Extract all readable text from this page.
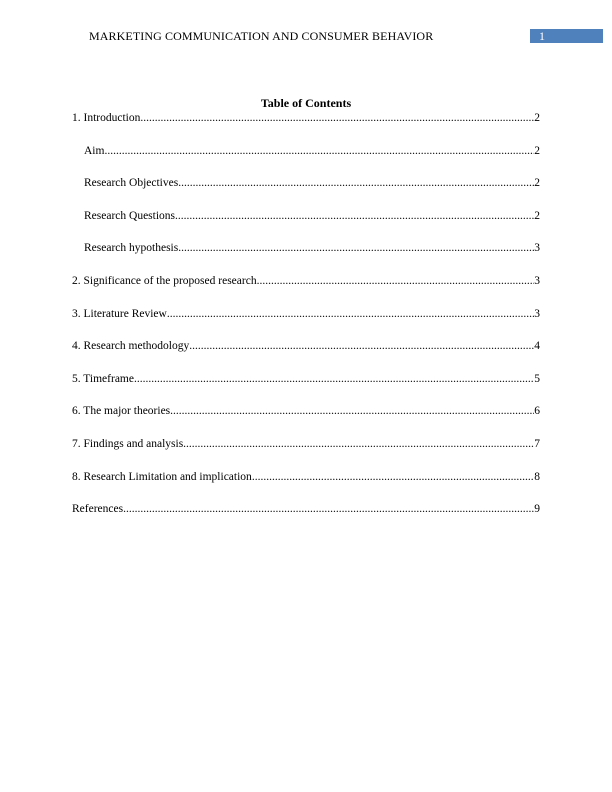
MARKETING COMMUNICATION AND CONSUMER BEHAVIOR	1
Table of Contents
1. Introduction .....	2
Aim .....	2
Research Objectives .....	2
Research Questions .....	2
Research hypothesis .....	3
2. Significance of the proposed research .....	3
3. Literature Review .....	3
4. Research methodology .....	4
5. Timeframe .....	5
6. The major theories .....	6
7. Findings and analysis .....	7
8. Research Limitation and implication .....	8
References .....	9
